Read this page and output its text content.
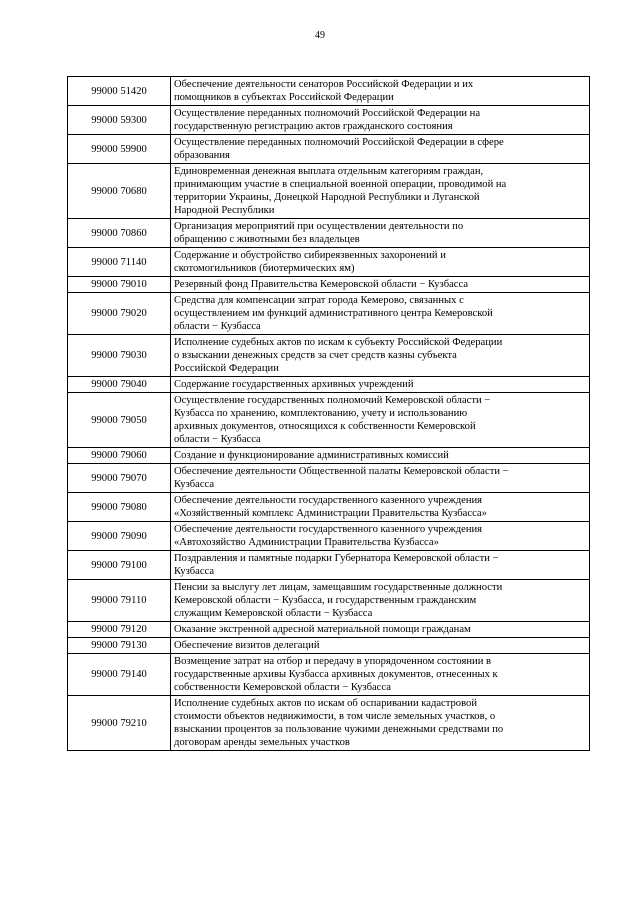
49
99000 51420	Обеспечение деятельности сенаторов Российской Федерации и их
помощников в субъектах Российской Федерации

99000 59300	Осуществление переданных полномочий Российской Федерации на
государственную регистрацию актов гражданского состояния

99000 59900	Осуществление переданных полномочий Российской Федерации в сфере
образования

99000 70680	Единовременная денежная выплата отдельным категориям граждан,
принимающим участие в специальной военной операции, проводимой на
территории Украины, Донецкой Народной Республики и Луганской
Народной Республики

99000 70860	Организация мероприятий при осуществлении деятельности по
обращению с животными без владельцев

99000 71140	Содержание и обустройство сибиреязвенных захоронений и
скотомогильников (биотермических ям)

99000 79010	Резервный фонд Правительства Кемеровской области − Кузбасса

99000 79020	Средства для компенсации затрат города Кемерово, связанных с
осуществлением им функций административного центра Кемеровской
области − Кузбасса

99000 79030	Исполнение судебных актов по искам к субъекту Российской Федерации
о взыскании денежных средств за счет средств казны субъекта
Российской Федерации

99000 79040	Содержание государственных архивных учреждений

99000 79050	Осуществление государственных полномочий Кемеровской области −
Кузбасса по хранению, комплектованию, учету и использованию
архивных документов, относящихся к собственности Кемеровской
области − Кузбасса

99000 79060	Создание и функционирование административных комиссий

99000 79070	Обеспечение деятельности Общественной палаты Кемеровской области −
Кузбасса

99000 79080	Обеспечение деятельности государственного казенного учреждения
«Хозяйственный комплекс Администрации Правительства Кузбасса»

99000 79090	Обеспечение деятельности государственного казенного учреждения
«Автохозяйство Администрации Правительства Кузбасса»

99000 79100	Поздравления и памятные подарки Губернатора Кемеровской области −
Кузбасса

99000 79110	Пенсии за выслугу лет лицам, замещавшим государственные должности
Кемеровской области − Кузбасса, и государственным гражданским
служащим Кемеровской области − Кузбасса

99000 79120	Оказание экстренной адресной материальной помощи гражданам

99000 79130	Обеспечение визитов делегаций

99000 79140	Возмещение затрат на отбор и передачу в упорядоченном состоянии в
государственные архивы Кузбасса архивных документов, отнесенных к
собственности Кемеровской области − Кузбасса

99000 79210	Исполнение судебных актов по искам об оспаривании кадастровой
стоимости объектов недвижимости, в том числе земельных участков, о
взыскании процентов за пользование чужими денежными средствами по
договорам аренды земельных участков
